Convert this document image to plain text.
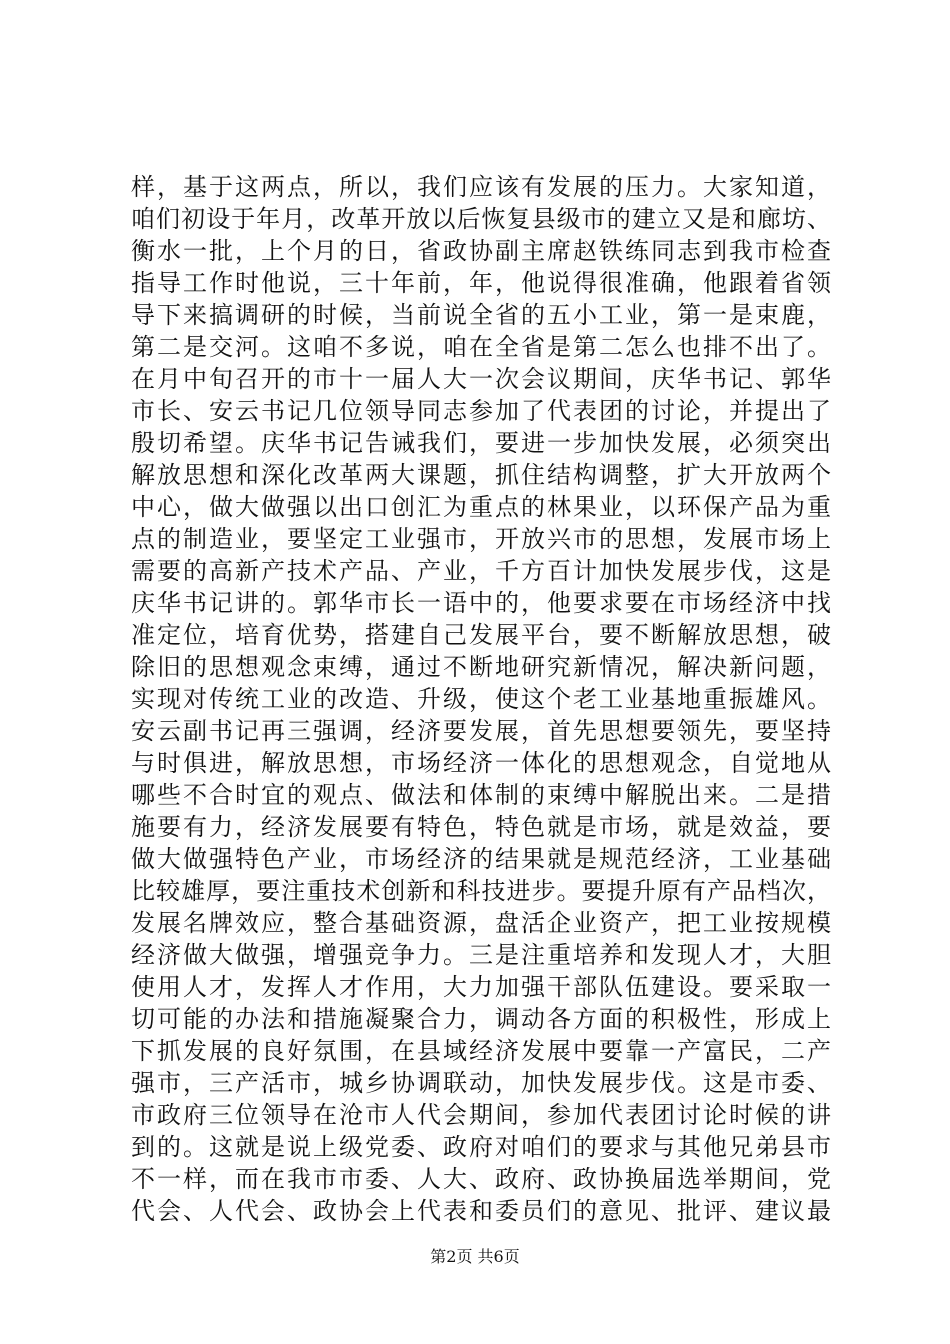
样，基于这两点，所以，我们应该有发展的压力。大家知道，
咱们初设于年月，改革开放以后恢复县级市的建立又是和廊坊、
衡水一批，上个月的日，省政协副主席赵铁练同志到我市检查
指导工作时他说，三十年前，年，他说得很准确，他跟着省领
导下来搞调研的时候，当前说全省的五小工业，第一是束鹿，
第二是交河。这咱不多说，咱在全省是第二怎么也排不出了。
在月中旬召开的市十一届人大一次会议期间，庆华书记、郭华
市长、安云书记几位领导同志参加了代表团的讨论，并提出了
殷切希望。庆华书记告诫我们，要进一步加快发展，必须突出
解放思想和深化改革两大课题，抓住结构调整，扩大开放两个
中心，做大做强以出口创汇为重点的林果业，以环保产品为重
点的制造业，要坚定工业强市，开放兴市的思想，发展市场上
需要的高新产技术产品、产业，千方百计加快发展步伐，这是
庆华书记讲的。郭华市长一语中的，他要求要在市场经济中找
准定位，培育优势，搭建自己发展平台，要不断解放思想，破
除旧的思想观念束缚，通过不断地研究新情况，解决新问题，
实现对传统工业的改造、升级，使这个老工业基地重振雄风。
安云副书记再三强调，经济要发展，首先思想要领先，要坚持
与时俱进，解放思想，市场经济一体化的思想观念，自觉地从
哪些不合时宜的观点、做法和体制的束缚中解脱出来。二是措
施要有力，经济发展要有特色，特色就是市场，就是效益，要
做大做强特色产业，市场经济的结果就是规范经济，工业基础
比较雄厚，要注重技术创新和科技进步。要提升原有产品档次，
发展名牌效应，整合基础资源，盘活企业资产，把工业按规模
经济做大做强，增强竞争力。三是注重培养和发现人才，大胆
使用人才，发挥人才作用，大力加强干部队伍建设。要采取一
切可能的办法和措施凝聚合力，调动各方面的积极性，形成上
下抓发展的良好氛围，在县域经济发展中要靠一产富民，二产
强市，三产活市，城乡协调联动，加快发展步伐。这是市委、
市政府三位领导在沧市人代会期间，参加代表团讨论时候的讲
到的。这就是说上级党委、政府对咱们的要求与其他兄弟县市
不一样，而在我市市委、人大、政府、政协换届选举期间，党
代会、人代会、政协会上代表和委员们的意见、批评、建议最
第2页 共6页
